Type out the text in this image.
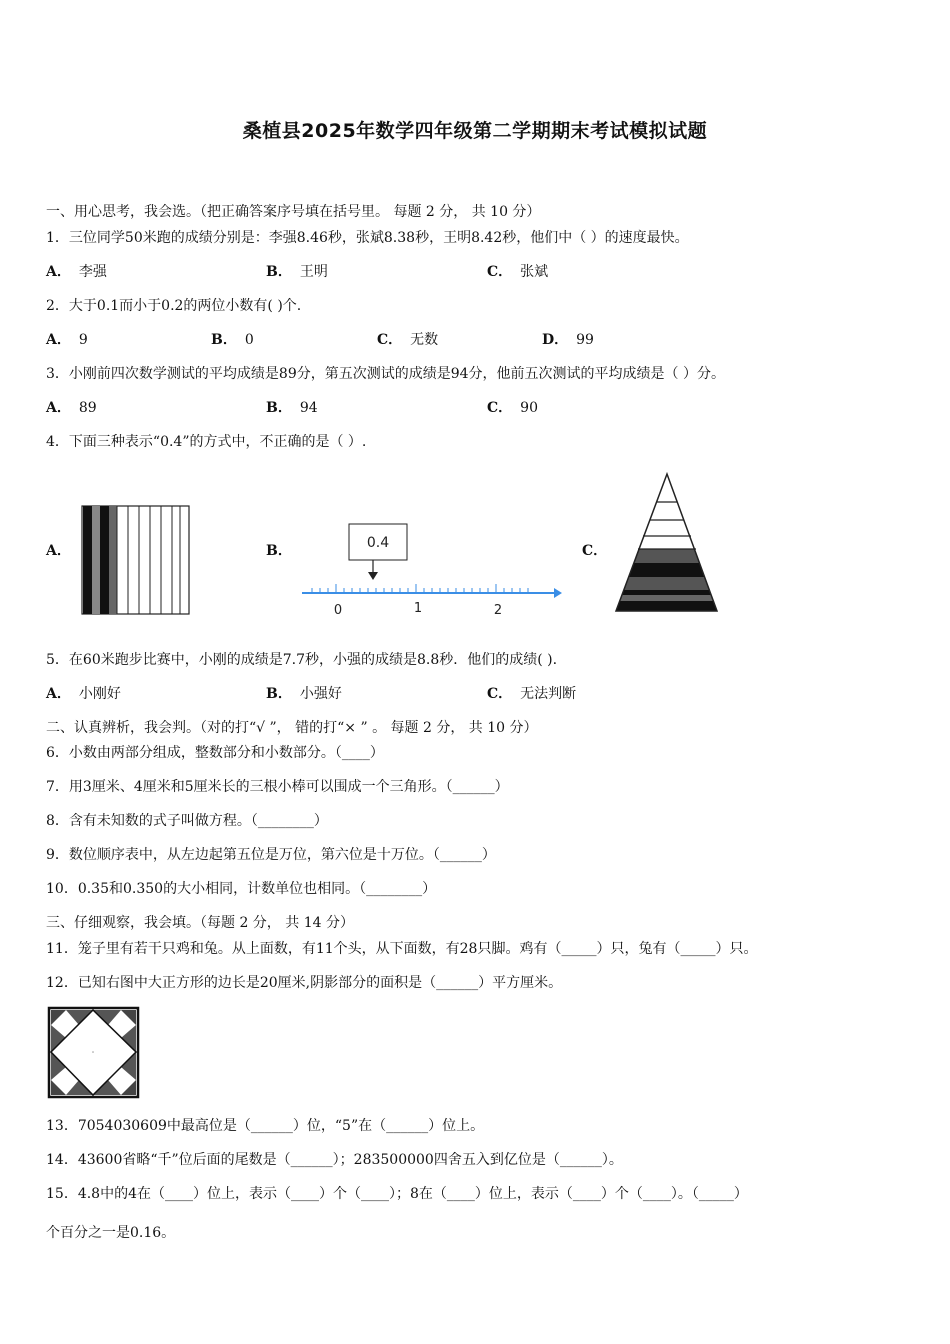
桑植县2025年数学四年级第二学期期末考试模拟试题
一、用心思考，我会选。（把正确答案序号填在括号里。 每题 2 分， 共 10 分）
1．三位同学50米跑的成绩分别是：李强8.46秒，张斌8.38秒，王明8.42秒，他们中（ ）的速度最快。
A． 李强	B． 王明	C． 张斌
2．大于0.1而小于0.2的两位小数有( )个.
A． 9	B． 0	C． 无数	D． 99
3．小刚前四次数学测试的平均成绩是89分，第五次测试的成绩是94分，他前五次测试的平均成绩是（ ）分。
A． 89	B． 94	C． 90
4．下面三种表示“0.4”的方式中，不正确的是（ ）.
A．	B．	C．
0.4
0	1	2
5．在60米跑步比赛中，小刚的成绩是7.7秒，小强的成绩是8.8秒．他们的成绩( ).
A． 小刚好	B． 小强好	C． 无法判断
二、认真辨析，我会判。（对的打“√ ”， 错的打“× ” 。 每题 2 分， 共 10 分）
6．小数由两部分组成，整数部分和小数部分。（____）
7．用3厘米、4厘米和5厘米长的三根小棒可以围成一个三角形。（______）
8．含有未知数的式子叫做方程。（________）
9．数位顺序表中，从左边起第五位是万位，第六位是十万位。（______）
10．0.35和0.350的大小相同，计数单位也相同。（________）
三、仔细观察，我会填。（每题 2 分， 共 14 分）
11．笼子里有若干只鸡和兔。从上面数，有11个头，从下面数，有28只脚。鸡有（_____）只，兔有（_____）只。
12．已知右图中大正方形的边长是20厘米,阴影部分的面积是（______）平方厘米。
13．7054030609中最高位是（______）位，“5”在（______）位上。
14．43600省略“千”位后面的尾数是（______）；283500000四舍五入到亿位是（______）。
15．4.8中的4在（____）位上，表示（____）个（____）；8在（____）位上，表示（____）个（____）。（_____）
个百分之一是0.16。
